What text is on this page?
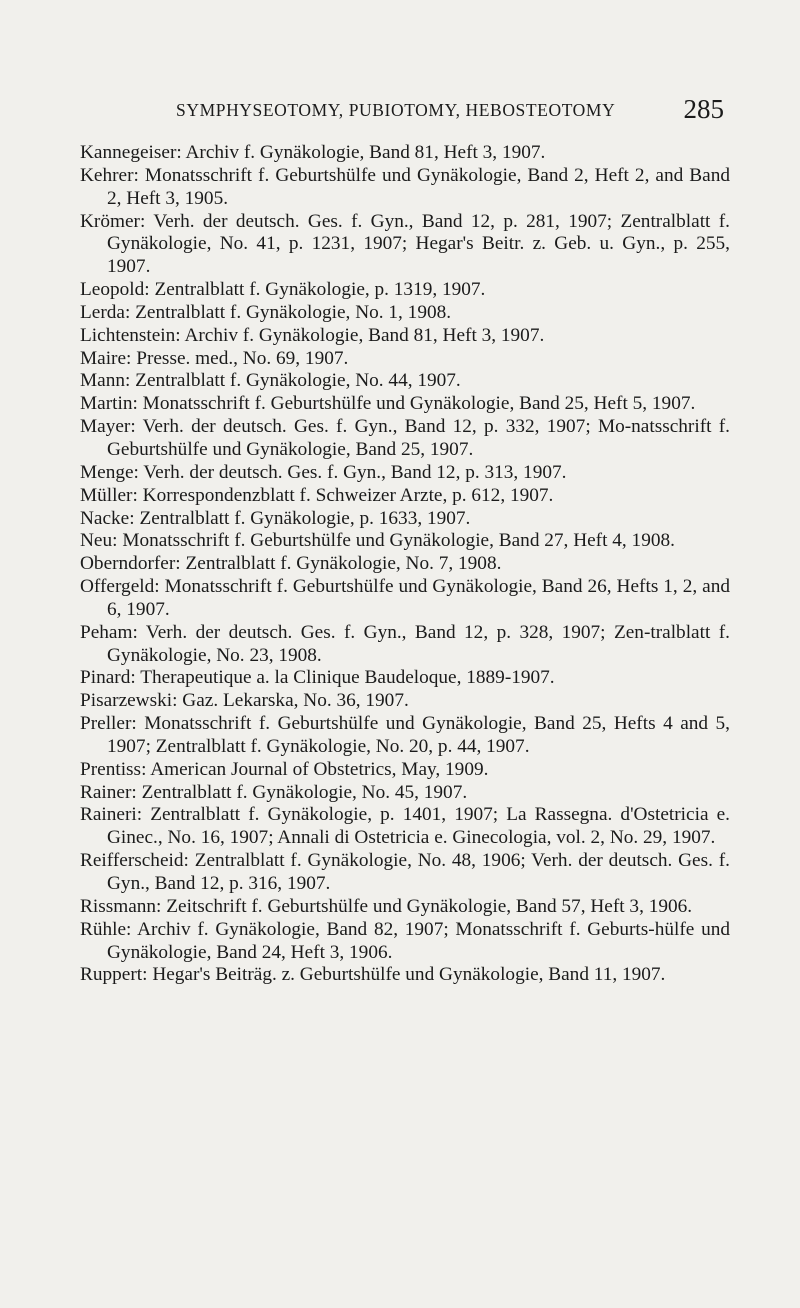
SYMPHYSEOTOMY, PUBIOTOMY, HEBOSTEOTOMY	285

Kannegeiser: Archiv f. Gynäkologie, Band 81, Heft 3, 1907.

Kehrer: Monatsschrift f. Geburtshülfe und Gynäkologie, Band 2, Heft 2, and Band 2, Heft 3, 1905.

Krömer: Verh. der deutsch. Ges. f. Gyn., Band 12, p. 281, 1907; Zentralblatt f. Gynäkologie, No. 41, p. 1231, 1907; Hegar's Beitr. z. Geb. u. Gyn., p. 255, 1907.

Leopold: Zentralblatt f. Gynäkologie, p. 1319, 1907.

Lerda: Zentralblatt f. Gynäkologie, No. 1, 1908.

Lichtenstein: Archiv f. Gynäkologie, Band 81, Heft 3, 1907.

Maire: Presse. med., No. 69, 1907.

Mann: Zentralblatt f. Gynäkologie, No. 44, 1907.

Martin: Monatsschrift f. Geburtshülfe und Gynäkologie, Band 25, Heft 5, 1907.

Mayer: Verh. der deutsch. Ges. f. Gyn., Band 12, p. 332, 1907; Mo-natsschrift f. Geburtshülfe und Gynäkologie, Band 25, 1907.

Menge: Verh. der deutsch. Ges. f. Gyn., Band 12, p. 313, 1907.

Müller: Korrespondenzblatt f. Schweizer Arzte, p. 612, 1907.

Nacke: Zentralblatt f. Gynäkologie, p. 1633, 1907.

Neu: Monatsschrift f. Geburtshülfe und Gynäkologie, Band 27, Heft 4, 1908.

Oberndorfer: Zentralblatt f. Gynäkologie, No. 7, 1908.

Offergeld: Monatsschrift f. Geburtshülfe und Gynäkologie, Band 26, Hefts 1, 2, and 6, 1907.

Peham: Verh. der deutsch. Ges. f. Gyn., Band 12, p. 328, 1907; Zen-tralblatt f. Gynäkologie, No. 23, 1908.

Pinard: Therapeutique a. la Clinique Baudeloque, 1889-1907.

Pisarzewski: Gaz. Lekarska, No. 36, 1907.

Preller: Monatsschrift f. Geburtshülfe und Gynäkologie, Band 25, Hefts 4 and 5, 1907; Zentralblatt f. Gynäkologie, No. 20, p. 44, 1907.

Prentiss: American Journal of Obstetrics, May, 1909.

Rainer: Zentralblatt f. Gynäkologie, No. 45, 1907.

Raineri: Zentralblatt f. Gynäkologie, p. 1401, 1907; La Rassegna. d'Ostetricia e. Ginec., No. 16, 1907; Annali di Ostetricia e. Ginecologia, vol. 2, No. 29, 1907.

Reifferscheid: Zentralblatt f. Gynäkologie, No. 48, 1906; Verh. der deutsch. Ges. f. Gyn., Band 12, p. 316, 1907.

Rissmann: Zeitschrift f. Geburtshülfe und Gynäkologie, Band 57, Heft 3, 1906.

Rühle: Archiv f. Gynäkologie, Band 82, 1907; Monatsschrift f. Geburts-hülfe und Gynäkologie, Band 24, Heft 3, 1906.

Ruppert: Hegar's Beiträg. z. Geburtshülfe und Gynäkologie, Band 11, 1907.
